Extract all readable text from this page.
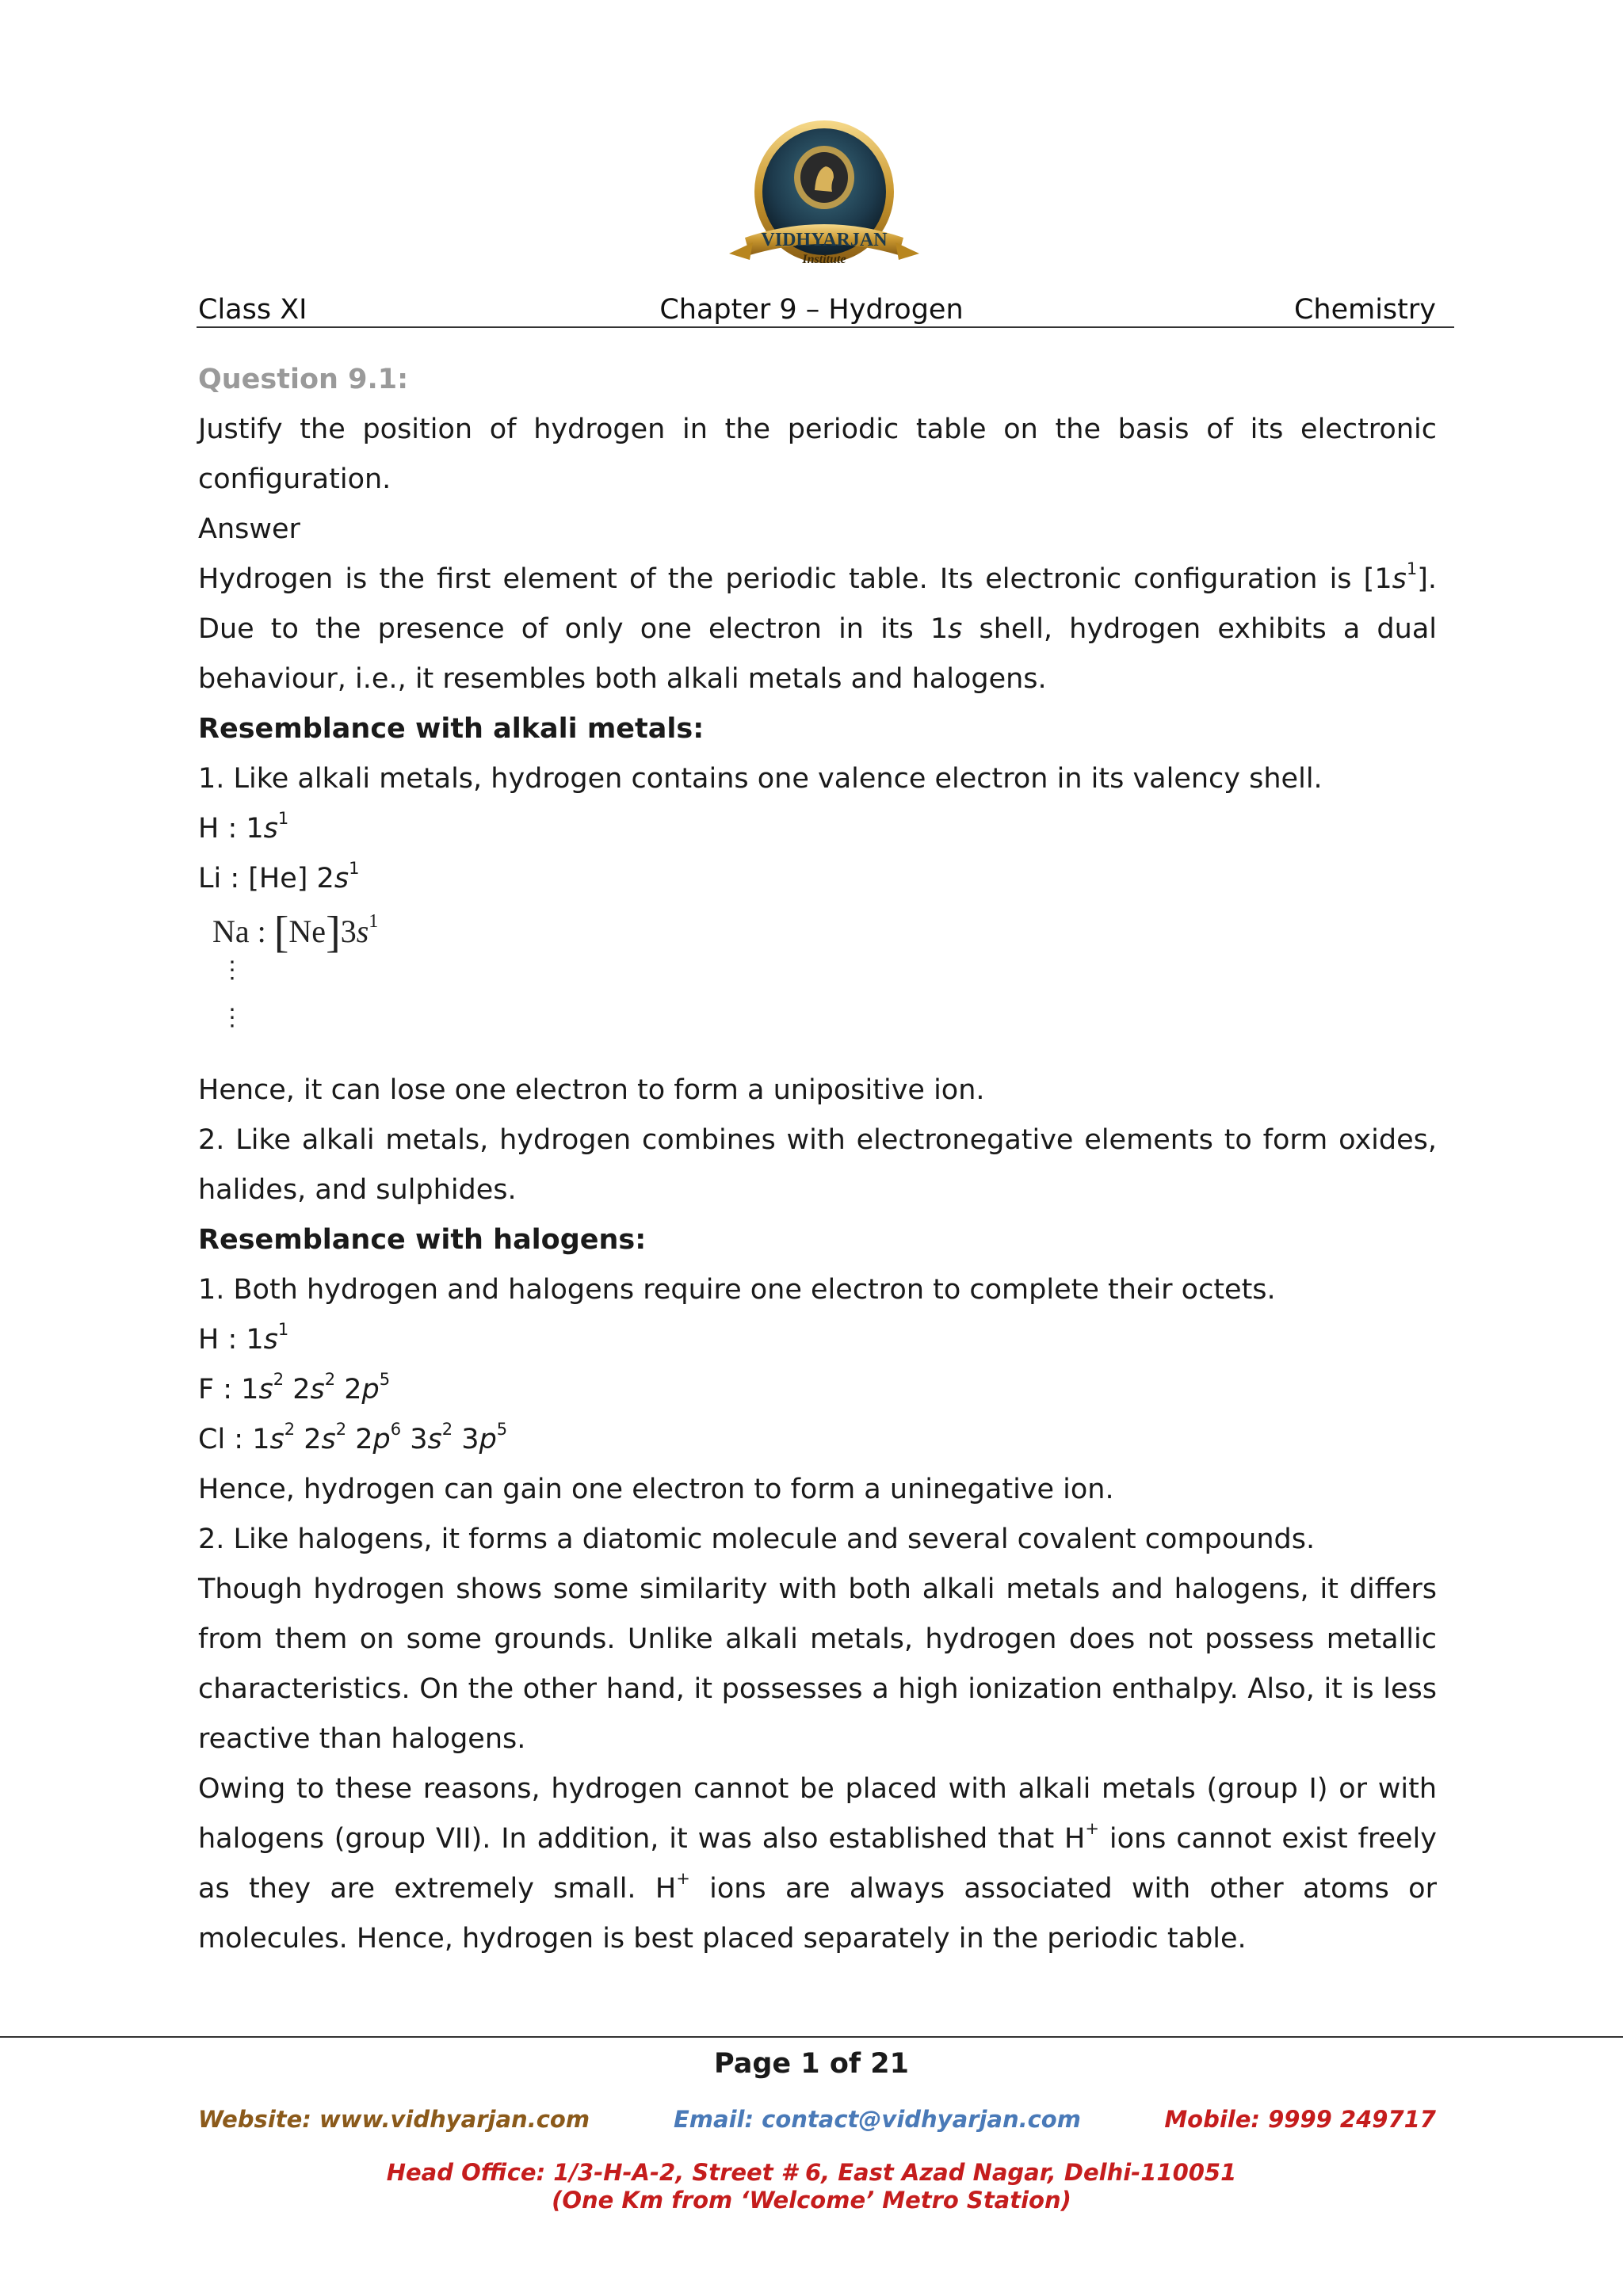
VIDHYARJAN
Institute
Class XI	Chapter 9 – Hydrogen	Chemistry

Question 9.1:

Justify the position of hydrogen in the periodic table on the basis of its electronic configuration.

Answer

Hydrogen is the first element of the periodic table. Its electronic configuration is $[1s^1]$. Due to the presence of only one electron in its 1s shell, hydrogen exhibits a dual behaviour, i.e., it resembles both alkali metals and halogens.

Resemblance with alkali metals:

1. Like alkali metals, hydrogen contains one valence electron in its valency shell.

H : $1s^1$

Li : [He] $2s^1$

Na : $[Ne]3s^1$
⋮
⋮

Hence, it can lose one electron to form a unipositive ion.

2. Like alkali metals, hydrogen combines with electronegative elements to form oxides, halides, and sulphides.

Resemblance with halogens:

1. Both hydrogen and halogens require one electron to complete their octets.

H : $1s^1$

F : $1s^2$ $2s^2$ $2p^5$

Cl : $1s^2$ $2s^2$ $2p^6$ $3s^2$ $3p^5$

Hence, hydrogen can gain one electron to form a uninegative ion.

2. Like halogens, it forms a diatomic molecule and several covalent compounds.

Though hydrogen shows some similarity with both alkali metals and halogens, it differs from them on some grounds. Unlike alkali metals, hydrogen does not possess metallic characteristics. On the other hand, it possesses a high ionization enthalpy. Also, it is less reactive than halogens.

Owing to these reasons, hydrogen cannot be placed with alkali metals (group I) or with halogens (group VII). In addition, it was also established that H+ ions cannot exist freely as they are extremely small. H+ ions are always associated with other atoms or molecules. Hence, hydrogen is best placed separately in the periodic table.

Page 1 of 21
Website: www.vidhyarjan.com	Email: contact@vidhyarjan.com	Mobile: 9999 249717
Head Office: 1/3-H-A-2, Street # 6, East Azad Nagar, Delhi-110051
(One Km from ‘Welcome’ Metro Station)
